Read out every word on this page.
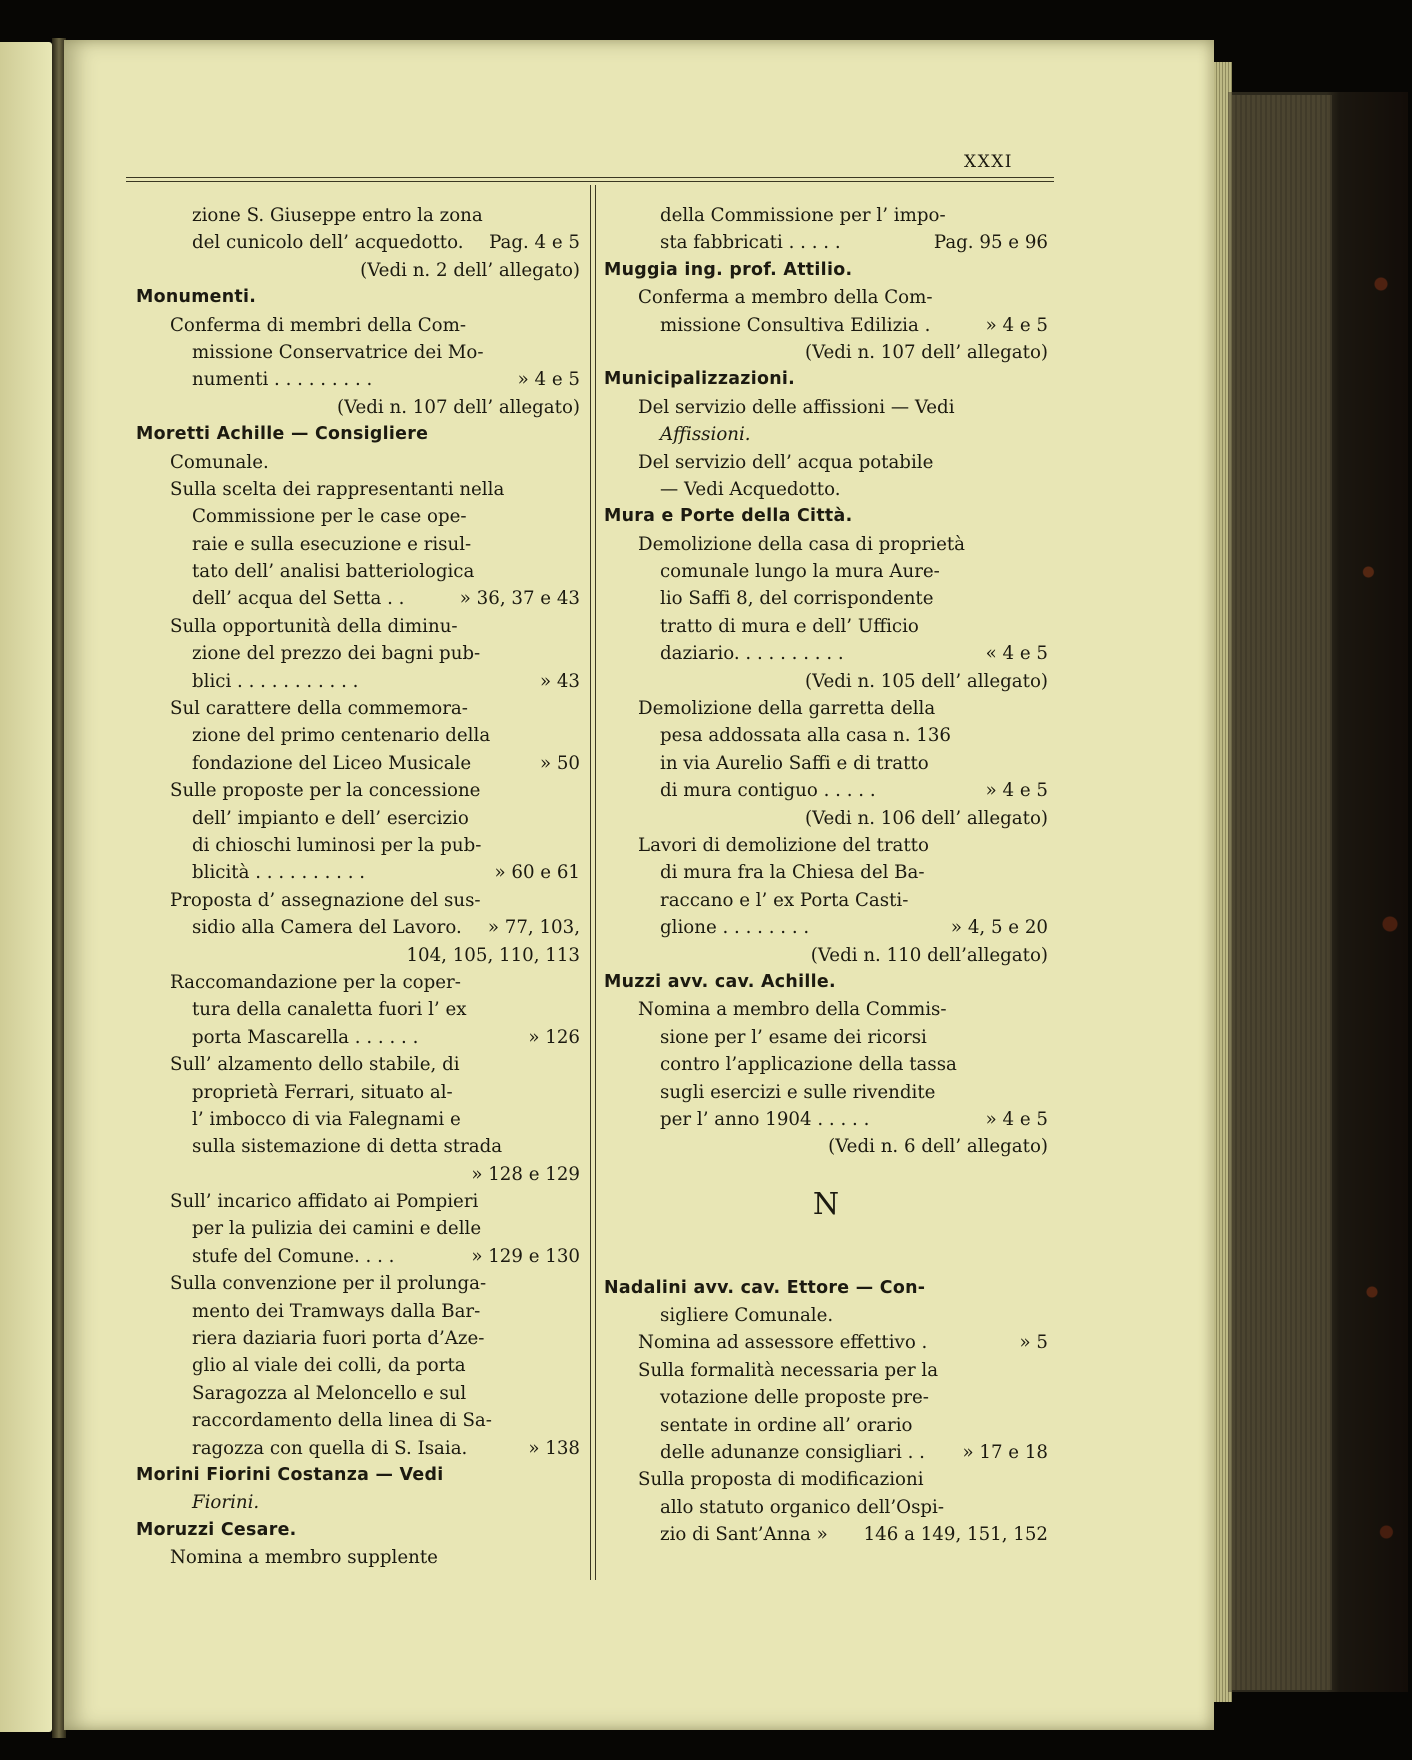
XXXI
zione S. Giuseppe entro la zona
del cunicolo dell’ acquedotto. Pag. 4 e 5
(Vedi n. 2 dell’ allegato)
Monumenti.
Conferma di membri della Com-
missione Conservatrice dei Mo-
numenti . . . . . . . . .	» 4 e 5
(Vedi n. 107 dell’ allegato)
Moretti Achille — Consigliere
Comunale.
Sulla scelta dei rappresentanti nella
Commissione per le case ope-
raie e sulla esecuzione e risul-
tato dell’ analisi batteriologica
dell’ acqua del Setta . .	» 36, 37 e 43
Sulla opportunità della diminu-
zione del prezzo dei bagni pub-
blici . . . . . . . . . . .	» 43
Sul carattere della commemora-
zione del primo centenario della
fondazione del Liceo Musicale	» 50
Sulle proposte per la concessione
dell’ impianto e dell’ esercizio
di chioschi luminosi per la pub-
blicità . . . . . . . . . .	» 60 e 61
Proposta d’ assegnazione del sus-
sidio alla Camera del Lavoro. » 77, 103,
104, 105, 110, 113
Raccomandazione per la coper-
tura della canaletta fuori l’ ex
porta Mascarella . . . . . .	» 126
Sull’ alzamento dello stabile, di
proprietà Ferrari, situato al-
l’ imbocco di via Falegnami e
sulla sistemazione di detta strada
» 128 e 129
Sull’ incarico affidato ai Pompieri
per la pulizia dei camini e delle
stufe del Comune. . . .	» 129 e 130
Sulla convenzione per il prolunga-
mento dei Tramways dalla Bar-
riera daziaria fuori porta d’Aze-
glio al viale dei colli, da porta
Saragozza al Meloncello e sul
raccordamento della linea di Sa-
ragozza con quella di S. Isaia.	» 138
Morini Fiorini Costanza — Vedi
Fiorini.
Moruzzi Cesare.
Nomina a membro supplente
della Commissione per l’ impo-
sta fabbricati . . . . .	Pag. 95 e 96
Muggia ing. prof. Attilio.
Conferma a membro della Com-
missione Consultiva Edilizia .	» 4 e 5
(Vedi n. 107 dell’ allegato)
Municipalizzazioni.
Del servizio delle affissioni — Vedi
Affissioni.
Del servizio dell’ acqua potabile
— Vedi Acquedotto.
Mura e Porte della Città.
Demolizione della casa di proprietà
comunale lungo la mura Aure-
lio Saffi 8, del corrispondente
tratto di mura e dell’ Ufficio
daziario. . . . . . . . . .	« 4 e 5
(Vedi n. 105 dell’ allegato)
Demolizione della garretta della
pesa addossata alla casa n. 136
in via Aurelio Saffi e di tratto
di mura contiguo . . . . .	» 4 e 5
(Vedi n. 106 dell’ allegato)
Lavori di demolizione del tratto
di mura fra la Chiesa del Ba-
raccano e l’ ex Porta Casti-
glione . . . . . . . .	» 4, 5 e 20
(Vedi n. 110 dell’allegato)
Muzzi avv. cav. Achille.
Nomina a membro della Commis-
sione per l’ esame dei ricorsi
contro l’applicazione della tassa
sugli esercizi e sulle rivendite
per l’ anno 1904 . . . . .	» 4 e 5
(Vedi n. 6 dell’ allegato)
N
Nadalini avv. cav. Ettore — Con-
sigliere Comunale.
Nomina ad assessore effettivo .	» 5
Sulla formalità necessaria per la
votazione delle proposte pre-
sentate in ordine all’ orario
delle adunanze consigliari . . » 17 e 18
Sulla proposta di modificazioni
allo statuto organico dell’Ospi-
zio di Sant’Anna » 146 a 149, 151, 152
